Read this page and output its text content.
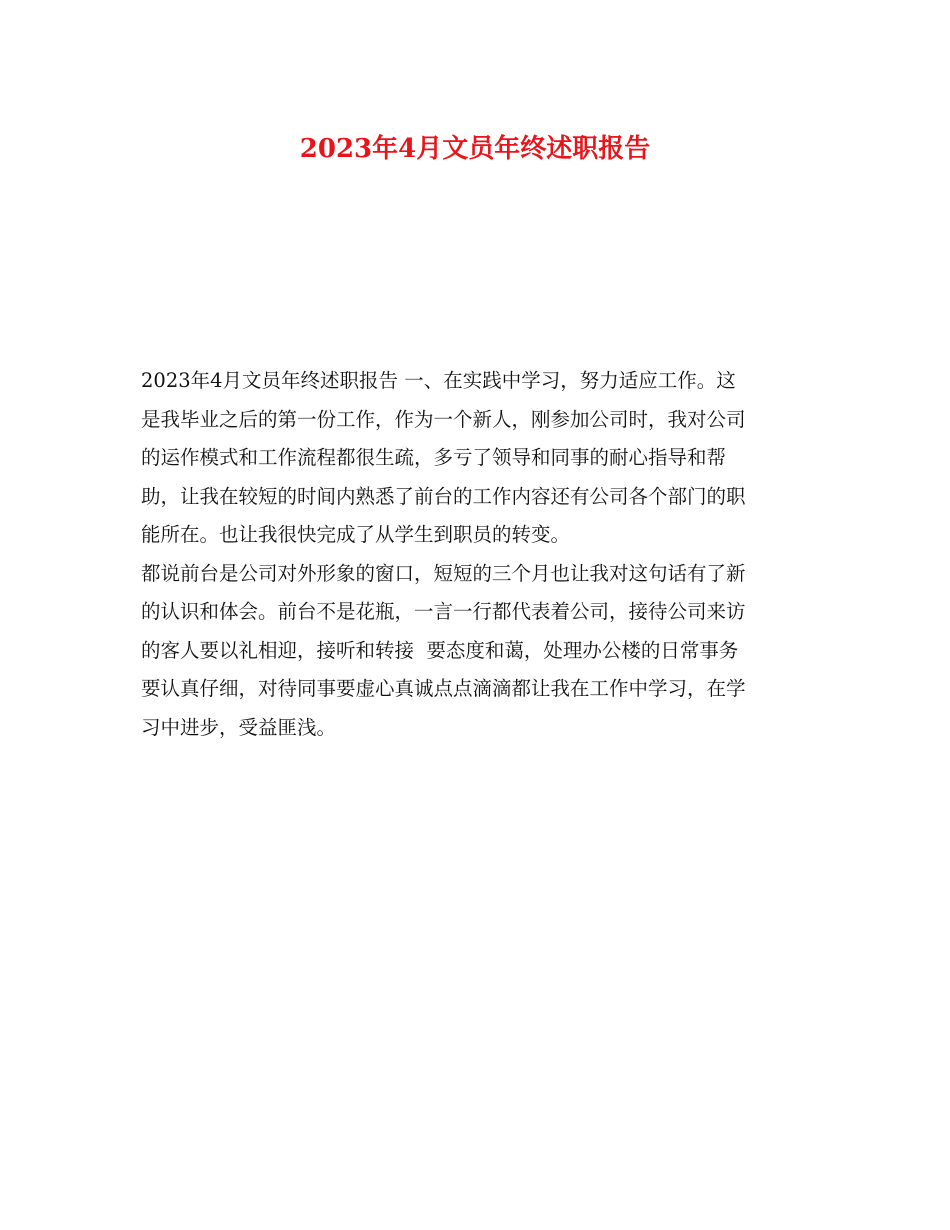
2023年4月文员年终述职报告
2023年4月文员年终述职报告 一、在实践中学习，努力适应工作。这
是我毕业之后的第一份工作，作为一个新人，刚参加公司时，我对公司
的运作模式和工作流程都很生疏，多亏了领导和同事的耐心指导和帮
助，让我在较短的时间内熟悉了前台的工作内容还有公司各个部门的职
能所在。也让我很快完成了从学生到职员的转变。
都说前台是公司对外形象的窗口，短短的三个月也让我对这句话有了新
的认识和体会。前台不是花瓶，一言一行都代表着公司，接待公司来访
的客人要以礼相迎，接听和转接  要态度和蔼，处理办公楼的日常事务
要认真仔细，对待同事要虚心真诚点点滴滴都让我在工作中学习，在学
习中进步，受益匪浅。
